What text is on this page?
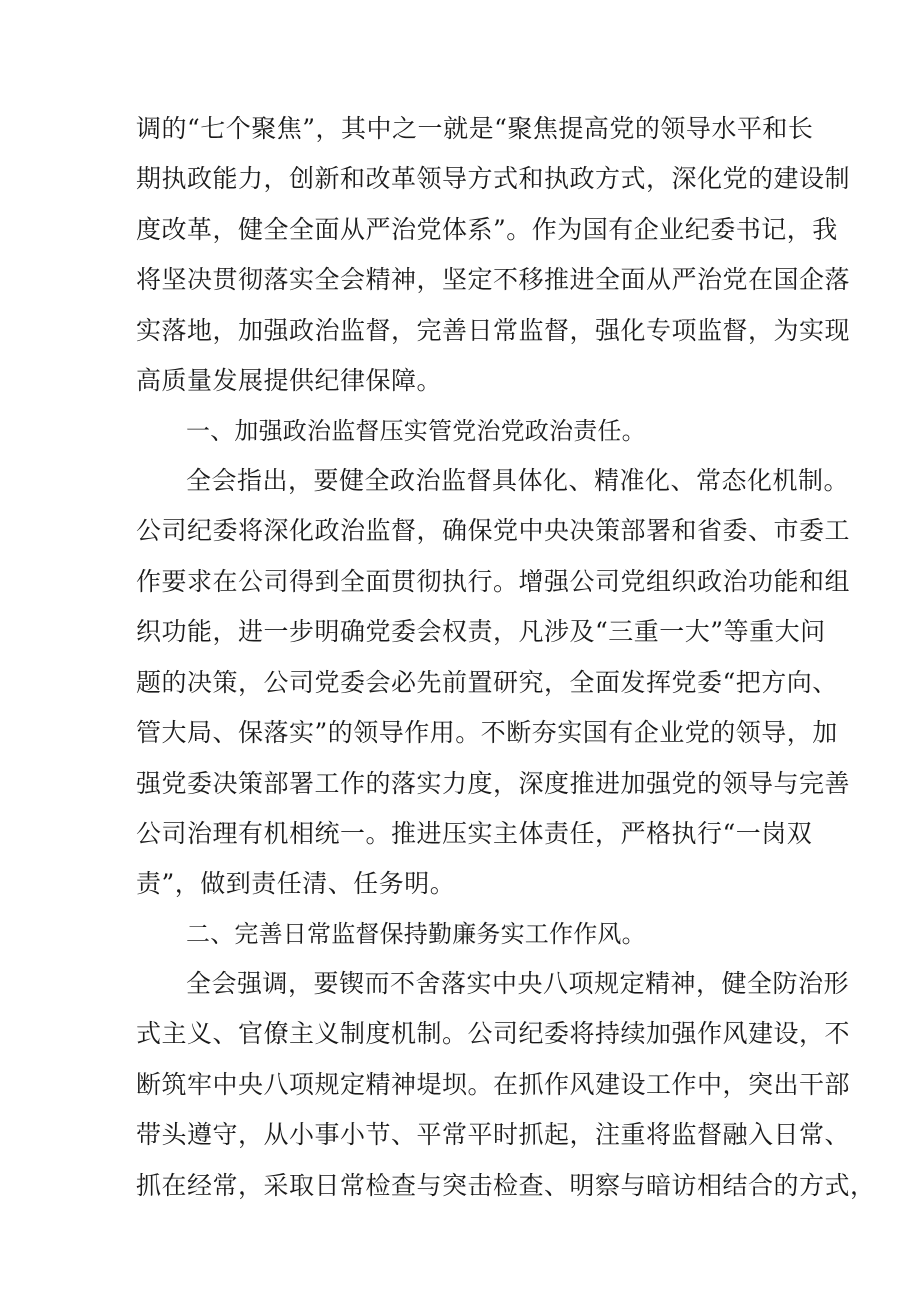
调的“七个聚焦”，其中之一就是“聚焦提高党的领导水平和长
期执政能力，创新和改革领导方式和执政方式，深化党的建设制
度改革，健全全面从严治党体系”。作为国有企业纪委书记，我
将坚决贯彻落实全会精神，坚定不移推进全面从严治党在国企落
实落地，加强政治监督，完善日常监督，强化专项监督，为实现
高质量发展提供纪律保障。
一、加强政治监督压实管党治党政治责任。
全会指出，要健全政治监督具体化、精准化、常态化机制。
公司纪委将深化政治监督，确保党中央决策部署和省委、市委工
作要求在公司得到全面贯彻执行。增强公司党组织政治功能和组
织功能，进一步明确党委会权责，凡涉及“三重一大”等重大问
题的决策，公司党委会必先前置研究，全面发挥党委“把方向、
管大局、保落实”的领导作用。不断夯实国有企业党的领导，加
强党委决策部署工作的落实力度，深度推进加强党的领导与完善
公司治理有机相统一。推进压实主体责任，严格执行“一岗双
责”，做到责任清、任务明。
二、完善日常监督保持勤廉务实工作作风。
全会强调，要锲而不舍落实中央八项规定精神，健全防治形
式主义、官僚主义制度机制。公司纪委将持续加强作风建设，不
断筑牢中央八项规定精神堤坝。在抓作风建设工作中，突出干部
带头遵守，从小事小节、平常平时抓起，注重将监督融入日常、
抓在经常，采取日常检查与突击检查、明察与暗访相结合的方式，
